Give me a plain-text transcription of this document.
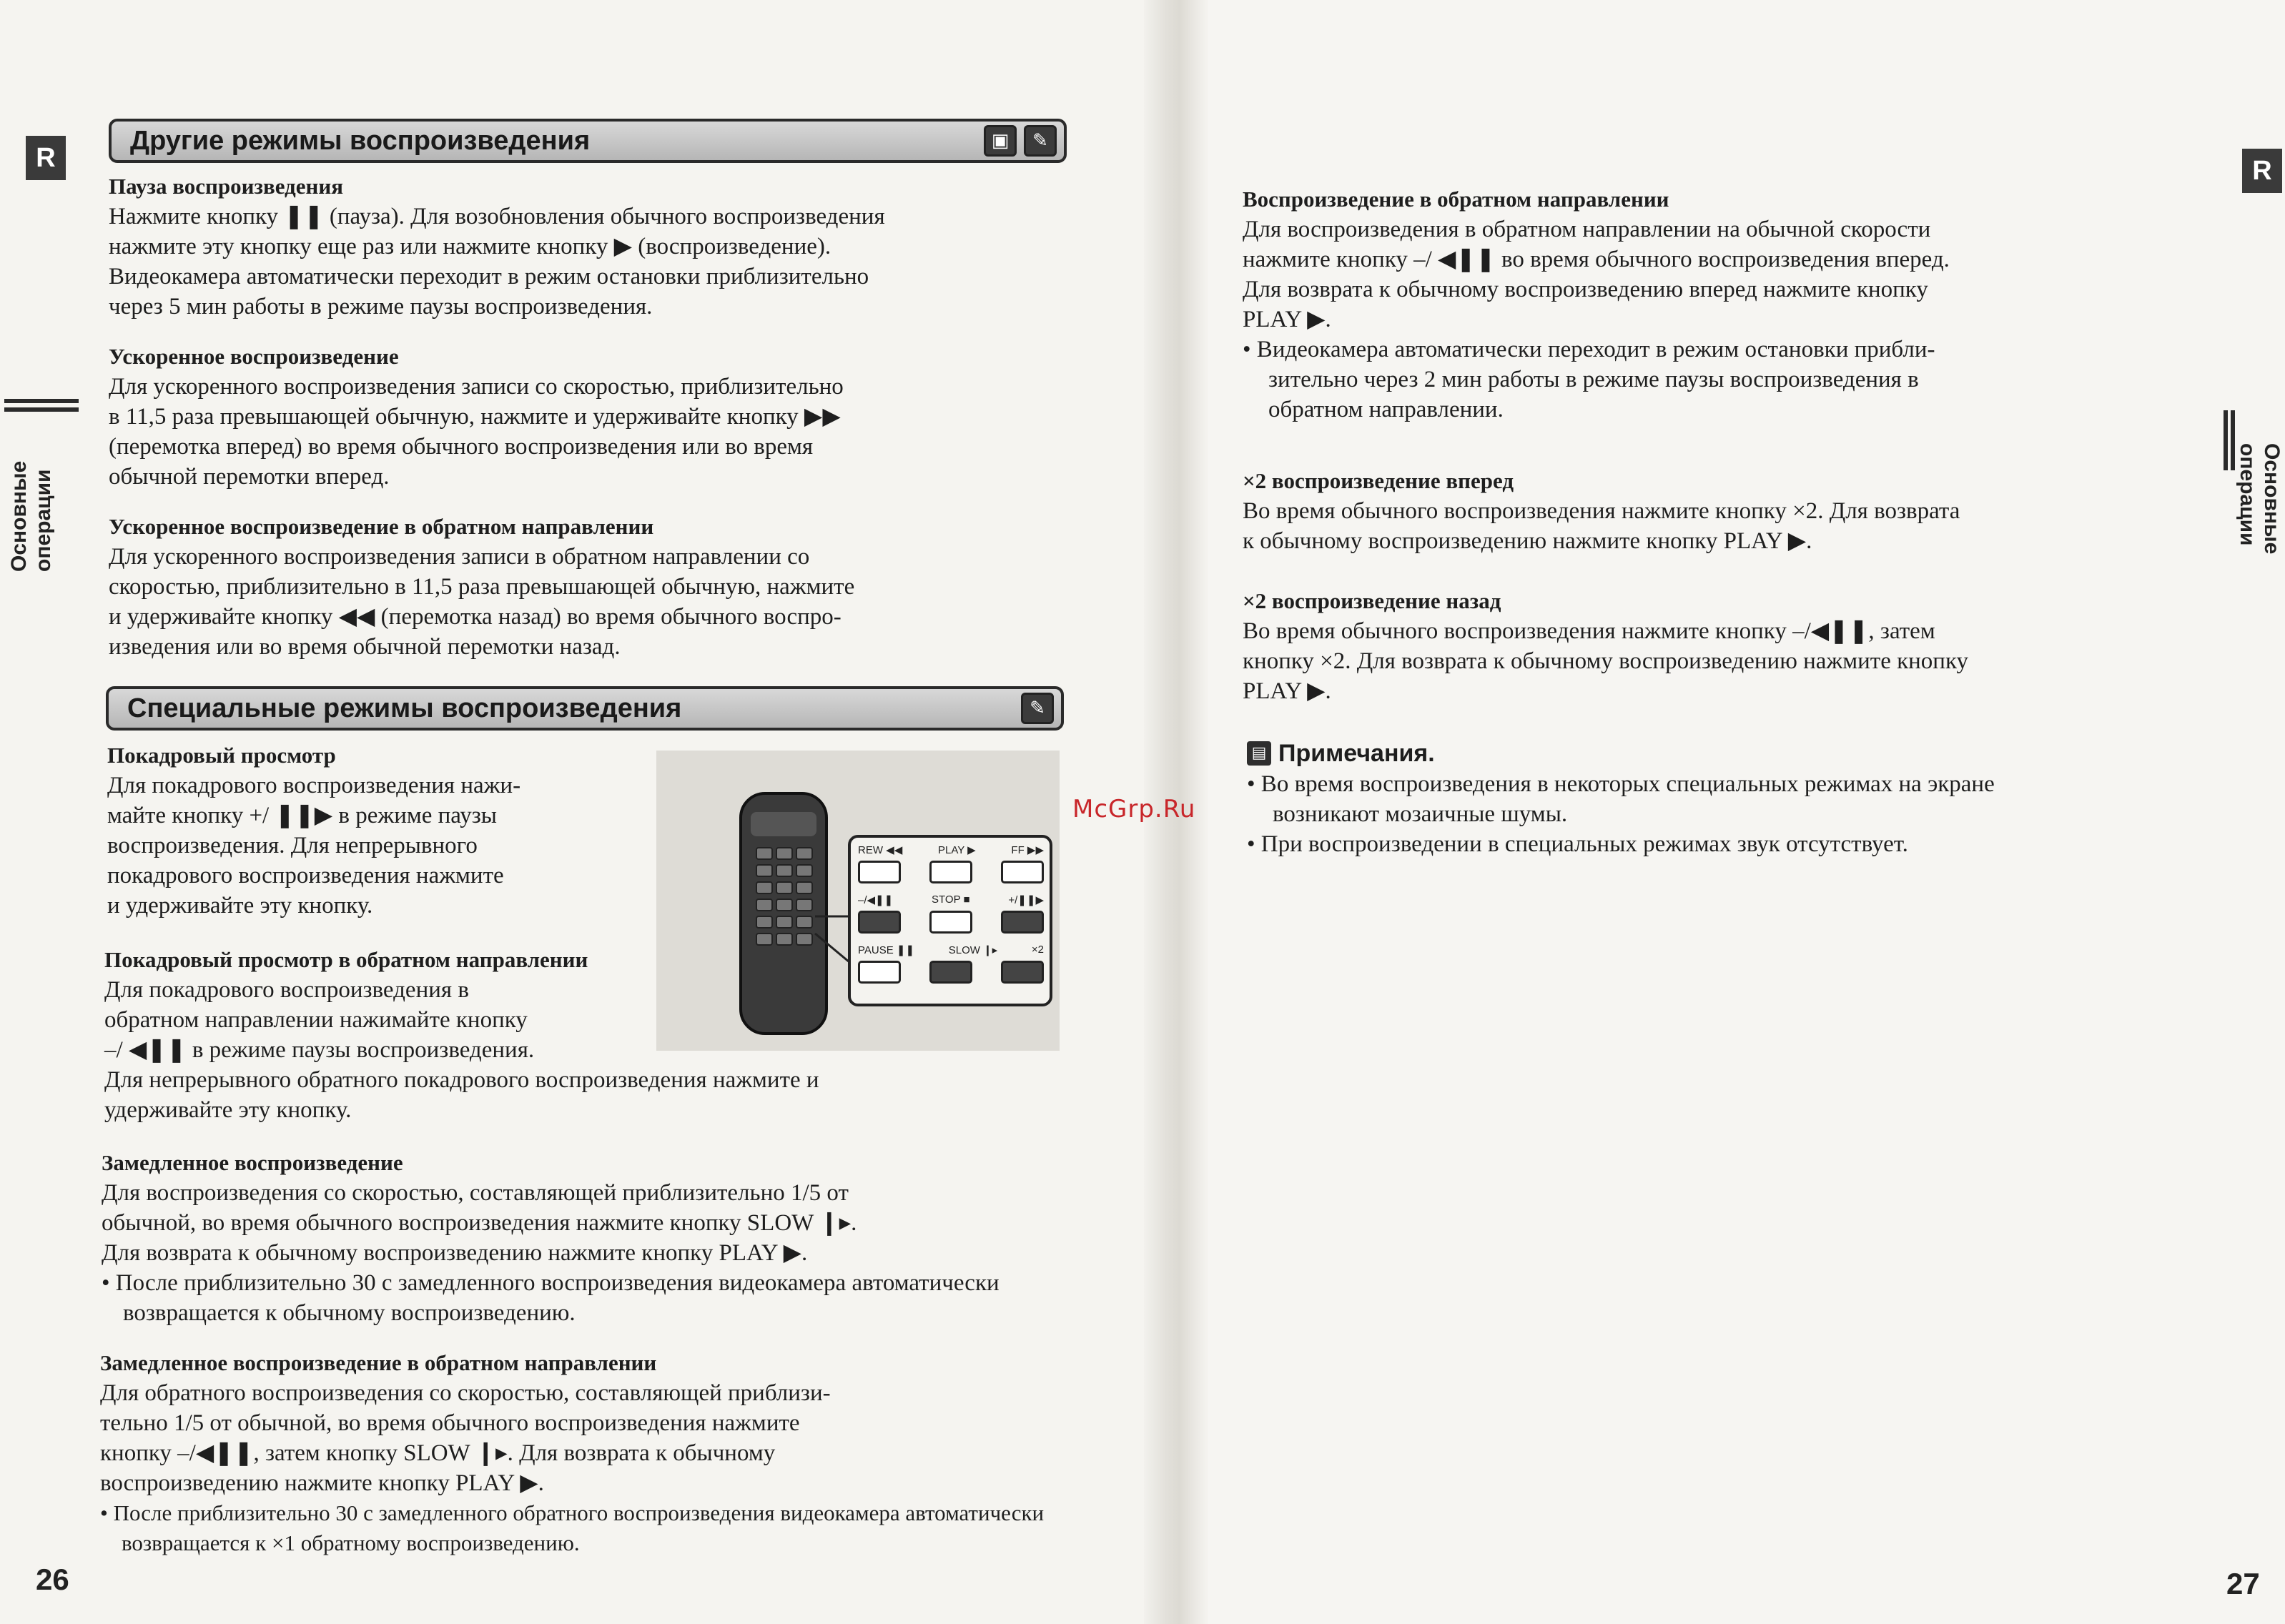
R
Основные операции
R
Основные
операции
Другие режимы воспроизведения	▣	✎
Пауза воспроизведения
Нажмите кнопку ❚❚ (пауза). Для возобновления обычного воспроизведения
нажмите эту кнопку еще раз или нажмите кнопку ▶ (воспроизведение).
Видеокамера автоматически переходит в режим остановки приблизительно
через 5 мин работы в режиме паузы воспроизведения.
Ускоренное воспроизведение
Для ускоренного воспроизведения записи со скоростью, приблизительно
в 11,5 раза превышающей обычную, нажмите и удерживайте кнопку ▶▶
(перемотка вперед) во время обычного воспроизведения или во время
обычной перемотки вперед.
Ускоренное воспроизведение в обратном направлении
Для ускоренного воспроизведения записи в обратном направлении со
скоростью, приблизительно в 11,5 раза превышающей обычную, нажмите
и удерживайте кнопку ◀◀ (перемотка назад) во время обычного воспро-
изведения или во время обычной перемотки назад.
Специальные режимы воспроизведения	✎
REW ◀◀	PLAY ▶	FF ▶▶
–/◀❚❚	STOP ■	+/❚❚▶
PAUSE ❚❚	SLOW ❙▸	×2
Покадровый просмотр
Для покадрового воспроизведения нажи-
майте кнопку +/ ❚❚▶ в режиме паузы
воспроизведения. Для непрерывного
покадрового воспроизведения нажмите
и удерживайте эту кнопку.
Покадровый просмотр в обратном направлении
Для покадрового воспроизведения в
обратном направлении нажимайте кнопку
–/ ◀❚❚ в режиме паузы воспроизведения.
Для непрерывного обратного покадрового воспроизведения нажмите и
удерживайте эту кнопку.
Замедленное воспроизведение
Для воспроизведения со скоростью, составляющей приблизительно 1/5 от
обычной, во время обычного воспроизведения нажмите кнопку SLOW ❙▸.
Для возврата к обычному воспроизведению нажмите кнопку PLAY ▶.
• После приблизительно 30 с замедленного воспроизведения видеокамера автоматически возвращается к обычному воспроизведению.
Замедленное воспроизведение в обратном направлении
Для обратного воспроизведения со скоростью, составляющей приблизи-
тельно 1/5 от обычной, во время обычного воспроизведения нажмите
кнопку –/◀❚❚, затем кнопку SLOW ❙▸. Для возврата к обычному
воспроизведению нажмите кнопку PLAY ▶.
• После приблизительно 30 с замедленного обратного воспроизведения видеокамера автоматически возвращается к ×1 обратному воспроизведению.
26
McGrp.Ru
Воспроизведение в обратном направлении
Для воспроизведения в обратном направлении на обычной скорости
нажмите кнопку –/ ◀❚❚ во время обычного воспроизведения вперед.
Для возврата к обычному воспроизведению вперед нажмите кнопку
PLAY ▶.
• Видеокамера автоматически переходит в режим остановки прибли-
зительно через 2 мин работы в режиме паузы воспроизведения в
обратном направлении.
×2 воспроизведение вперед
Во время обычного воспроизведения нажмите кнопку ×2. Для возврата
к обычному воспроизведению нажмите кнопку PLAY ▶.
×2 воспроизведение назад
Во время обычного воспроизведения нажмите кнопку –/◀❚❚, затем
кнопку ×2. Для возврата к обычному воспроизведению нажмите кнопку
PLAY ▶.
▤ Примечания.
• Во время воспроизведения в некоторых специальных режимах на экране
возникают мозаичные шумы.
• При воспроизведении в специальных режимах звук отсутствует.
27
